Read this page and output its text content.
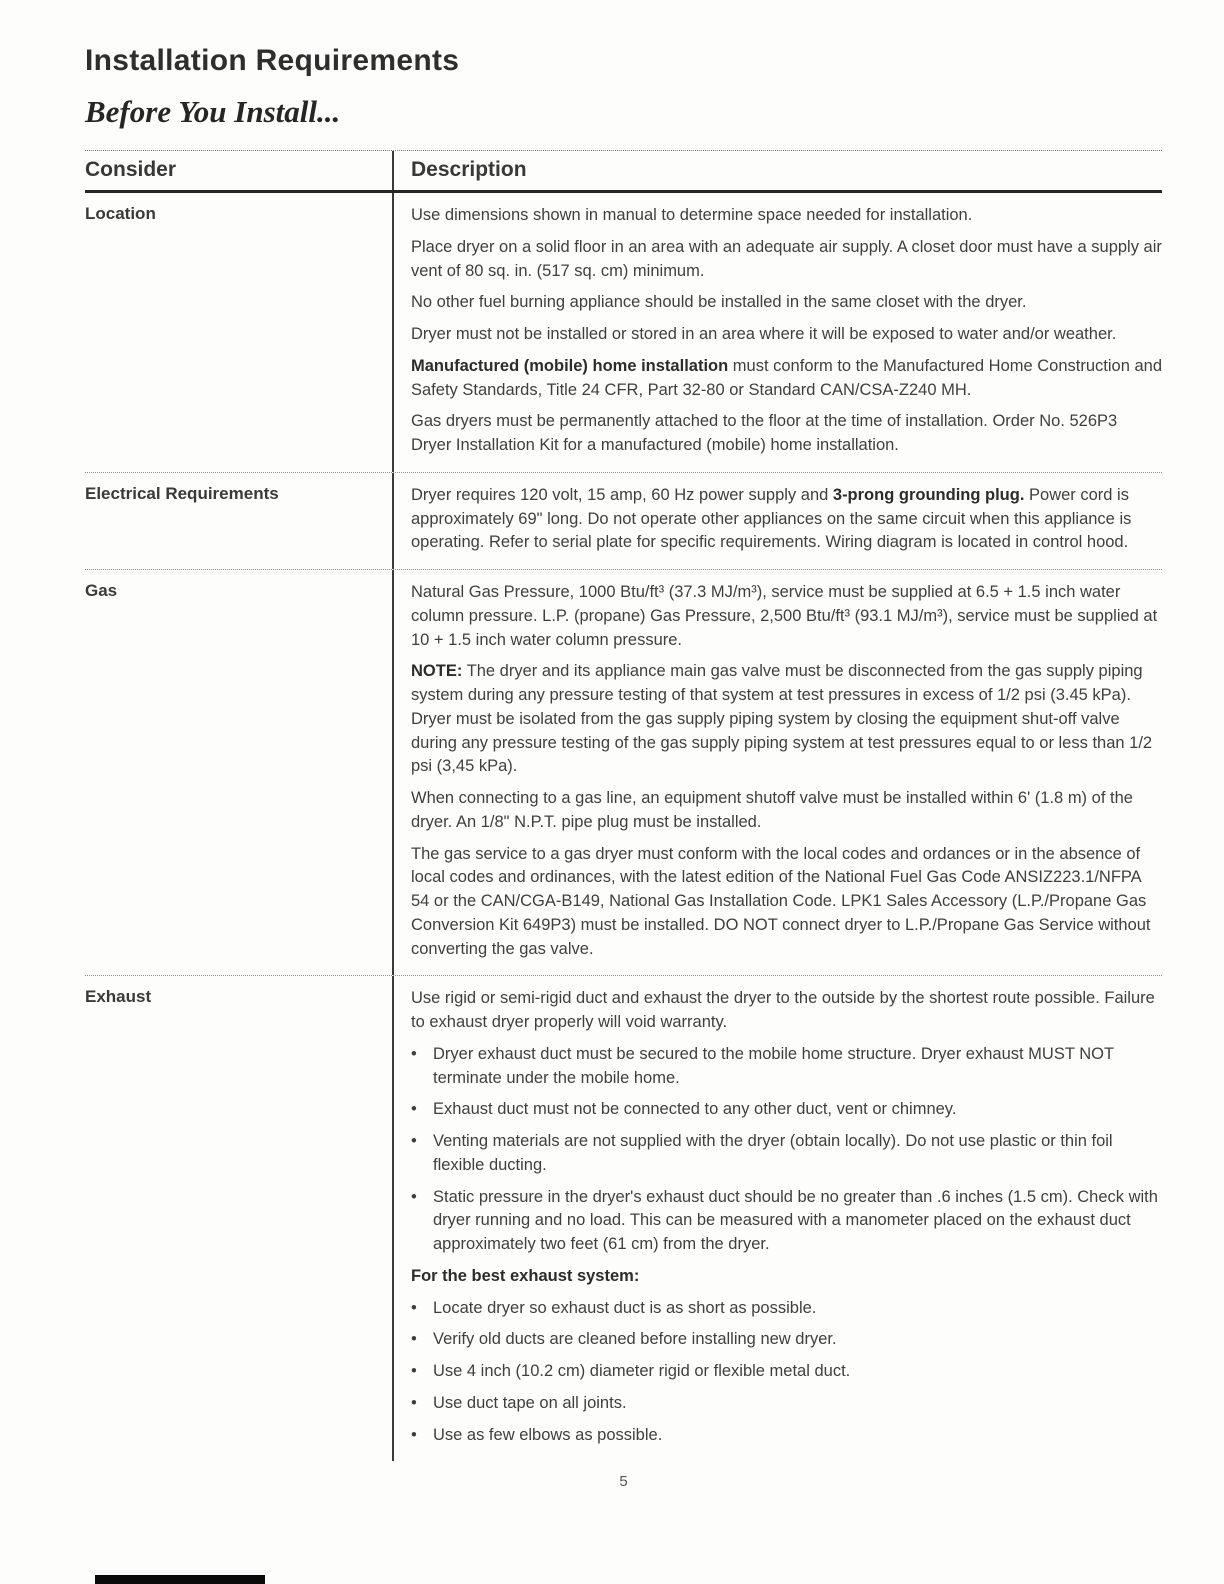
Installation Requirements
Before You Install...
Consider	Description
Location	Use dimensions shown in manual to determine space needed for installation.
Place dryer on a solid floor in an area with an adequate air supply. A closet door must have a supply air vent of 80 sq. in. (517 sq. cm) minimum.
No other fuel burning appliance should be installed in the same closet with the dryer.
Dryer must not be installed or stored in an area where it will be exposed to water and/or weather.
Manufactured (mobile) home installation must conform to the Manufactured Home Construction and Safety Standards, Title 24 CFR, Part 32-80 or Standard CAN/CSA-Z240 MH.
Gas dryers must be permanently attached to the floor at the time of installation. Order No. 526P3 Dryer Installation Kit for a manufactured (mobile) home installation.
Electrical Requirements	Dryer requires 120 volt, 15 amp, 60 Hz power supply and 3-prong grounding plug. Power cord is approximately 69" long. Do not operate other appliances on the same circuit when this appliance is operating. Refer to serial plate for specific requirements. Wiring diagram is located in control hood.
Gas	Natural Gas Pressure, 1000 Btu/ft³ (37.3 MJ/m³), service must be supplied at 6.5 + 1.5 inch water column pressure. L.P. (propane) Gas Pressure, 2,500 Btu/ft³ (93.1 MJ/m³), service must be supplied at 10 + 1.5 inch water column pressure.
NOTE: The dryer and its appliance main gas valve must be disconnected from the gas supply piping system during any pressure testing of that system at test pressures in excess of 1/2 psi (3.45 kPa). Dryer must be isolated from the gas supply piping system by closing the equipment shut-off valve during any pressure testing of the gas supply piping system at test pressures equal to or less than 1/2 psi (3,45 kPa).
When connecting to a gas line, an equipment shutoff valve must be installed within 6' (1.8 m) of the dryer. An 1/8" N.P.T. pipe plug must be installed.
The gas service to a gas dryer must conform with the local codes and ordances or in the absence of local codes and ordinances, with the latest edition of the National Fuel Gas Code ANSIZ223.1/NFPA 54 or the CAN/CGA-B149, National Gas Installation Code. LPK1 Sales Accessory (L.P./Propane Gas Conversion Kit 649P3) must be installed. DO NOT connect dryer to L.P./Propane Gas Service without converting the gas valve.
Exhaust	Use rigid or semi-rigid duct and exhaust the dryer to the outside by the shortest route possible. Failure to exhaust dryer properly will void warranty.
• Dryer exhaust duct must be secured to the mobile home structure. Dryer exhaust MUST NOT terminate under the mobile home.
• Exhaust duct must not be connected to any other duct, vent or chimney.
• Venting materials are not supplied with the dryer (obtain locally). Do not use plastic or thin foil flexible ducting.
• Static pressure in the dryer's exhaust duct should be no greater than .6 inches (1.5 cm). Check with dryer running and no load. This can be measured with a manometer placed on the exhaust duct approximately two feet (61 cm) from the dryer.
For the best exhaust system:
• Locate dryer so exhaust duct is as short as possible.
• Verify old ducts are cleaned before installing new dryer.
• Use 4 inch (10.2 cm) diameter rigid or flexible metal duct.
• Use duct tape on all joints.
• Use as few elbows as possible.
5
